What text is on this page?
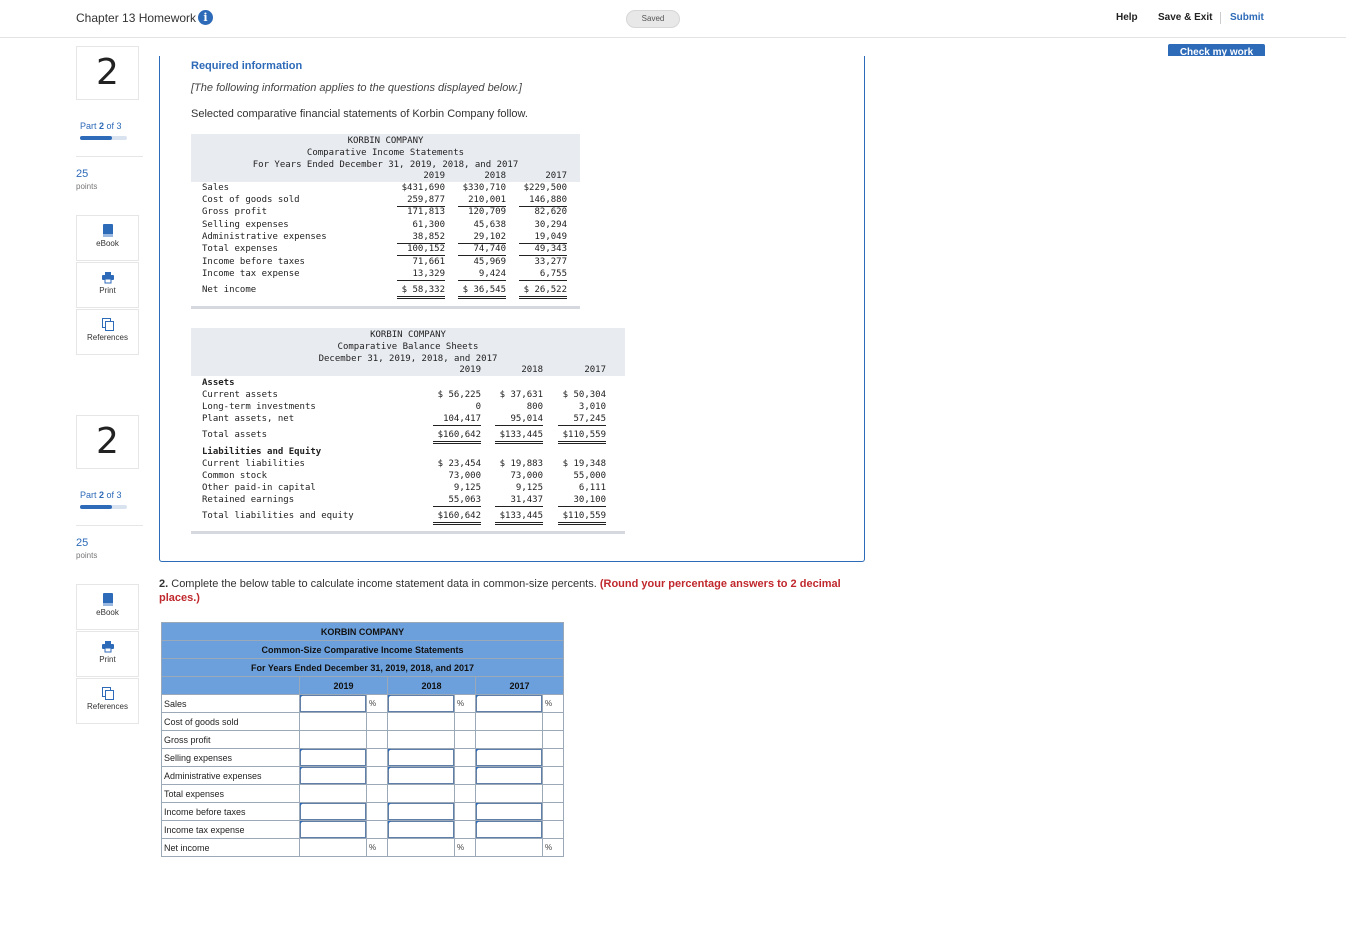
Chapter 13 Homework i	Saved	Help Save & Exit Submit
Check my work
2
Part 2 of 3
25
points
eBook
Print
References
2
Part 2 of 3
25
points
eBook
Print
References
Required information
[The following information applies to the questions displayed below.]
Selected comparative financial statements of Korbin Company follow.
KORBIN COMPANY
Comparative Income Statements
For Years Ended December 31, 2019, 2018, and 2017
2019	2018	2017
Sales	$431,690	$330,710	$229,500
Cost of goods sold	259,877	210,001	146,880
Gross profit	171,813	120,709	82,620
Selling expenses	61,300	45,638	30,294
Administrative expenses	38,852	29,102	19,049
Total expenses	100,152	74,740	49,343
Income before taxes	71,661	45,969	33,277
Income tax expense	13,329	9,424	6,755
Net income	$ 58,332	$ 36,545	$ 26,522
KORBIN COMPANY
Comparative Balance Sheets
December 31, 2019, 2018, and 2017
2019	2018	2017
Assets
Liabilities and Equity
Current assets	$ 56,225	$ 37,631	$ 50,304
Long-term investments	0	800	3,010
Plant assets, net	104,417	95,014	57,245
Total assets	$160,642	$133,445	$110,559
Current liabilities	$ 23,454	$ 19,883	$ 19,348
Common stock	73,000	73,000	55,000
Other paid-in capital	9,125	9,125	6,111
Retained earnings	55,063	31,437	30,100
Total liabilities and equity	$160,642	$133,445	$110,559
2. Complete the below table to calculate income statement data in common-size percents. (Round your percentage answers to 2 decimal places.)
KORBIN COMPANY						
Common-Size Comparative Income Statements						
For Years Ended December 31, 2019, 2018, and 2017						
	2019		2018		2017	
Sales		%		%		%
Cost of goods sold						
Gross profit						
Selling expenses						
Administrative expenses						
Total expenses						
Income before taxes						
Income tax expense						
Net income		%		%		%
